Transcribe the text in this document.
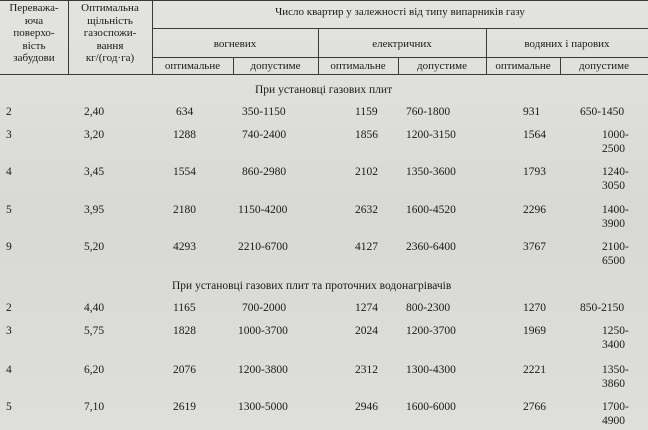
Переважа-
юча
поверхо-
вість
забудови
Оптимальна
щільність
газоспожи-
вання
кг/(год·га)
Число квартир у залежності від типу випарників газу
вогневих	електричних	водяних і парових
оптимальне	допустиме	оптимальне	допустиме	оптимальне	допустиме
При установці газових плит
При установці газових плит та проточних водонагрівачів
2	2,40	634	350-1150	1159 760-1800	931	650-1450
3	3,20	1288	740-2400	1856 1200-3150	1564	1000-
2500
4	3,45	1554	860-2980	2102 1350-3600	1793	1240-
3050
5	3,95	2180	1150-4200	2632 1600-4520	2296	1400-
3900
9	5,20	4293	2210-6700	4127 2360-6400	3767	2100-
6500
2	4,40	1165	700-2000	1274 800-2300	1270	850-2150
3	5,75	1828	1000-3700	2024 1200-3700	1969	1250-
3400
4	6,20	2076	1200-3800	2312 1300-4300	2221	1350-
3860
5	7,10	2619	1300-5000	2946 1600-6000	2766	1700-
4900
